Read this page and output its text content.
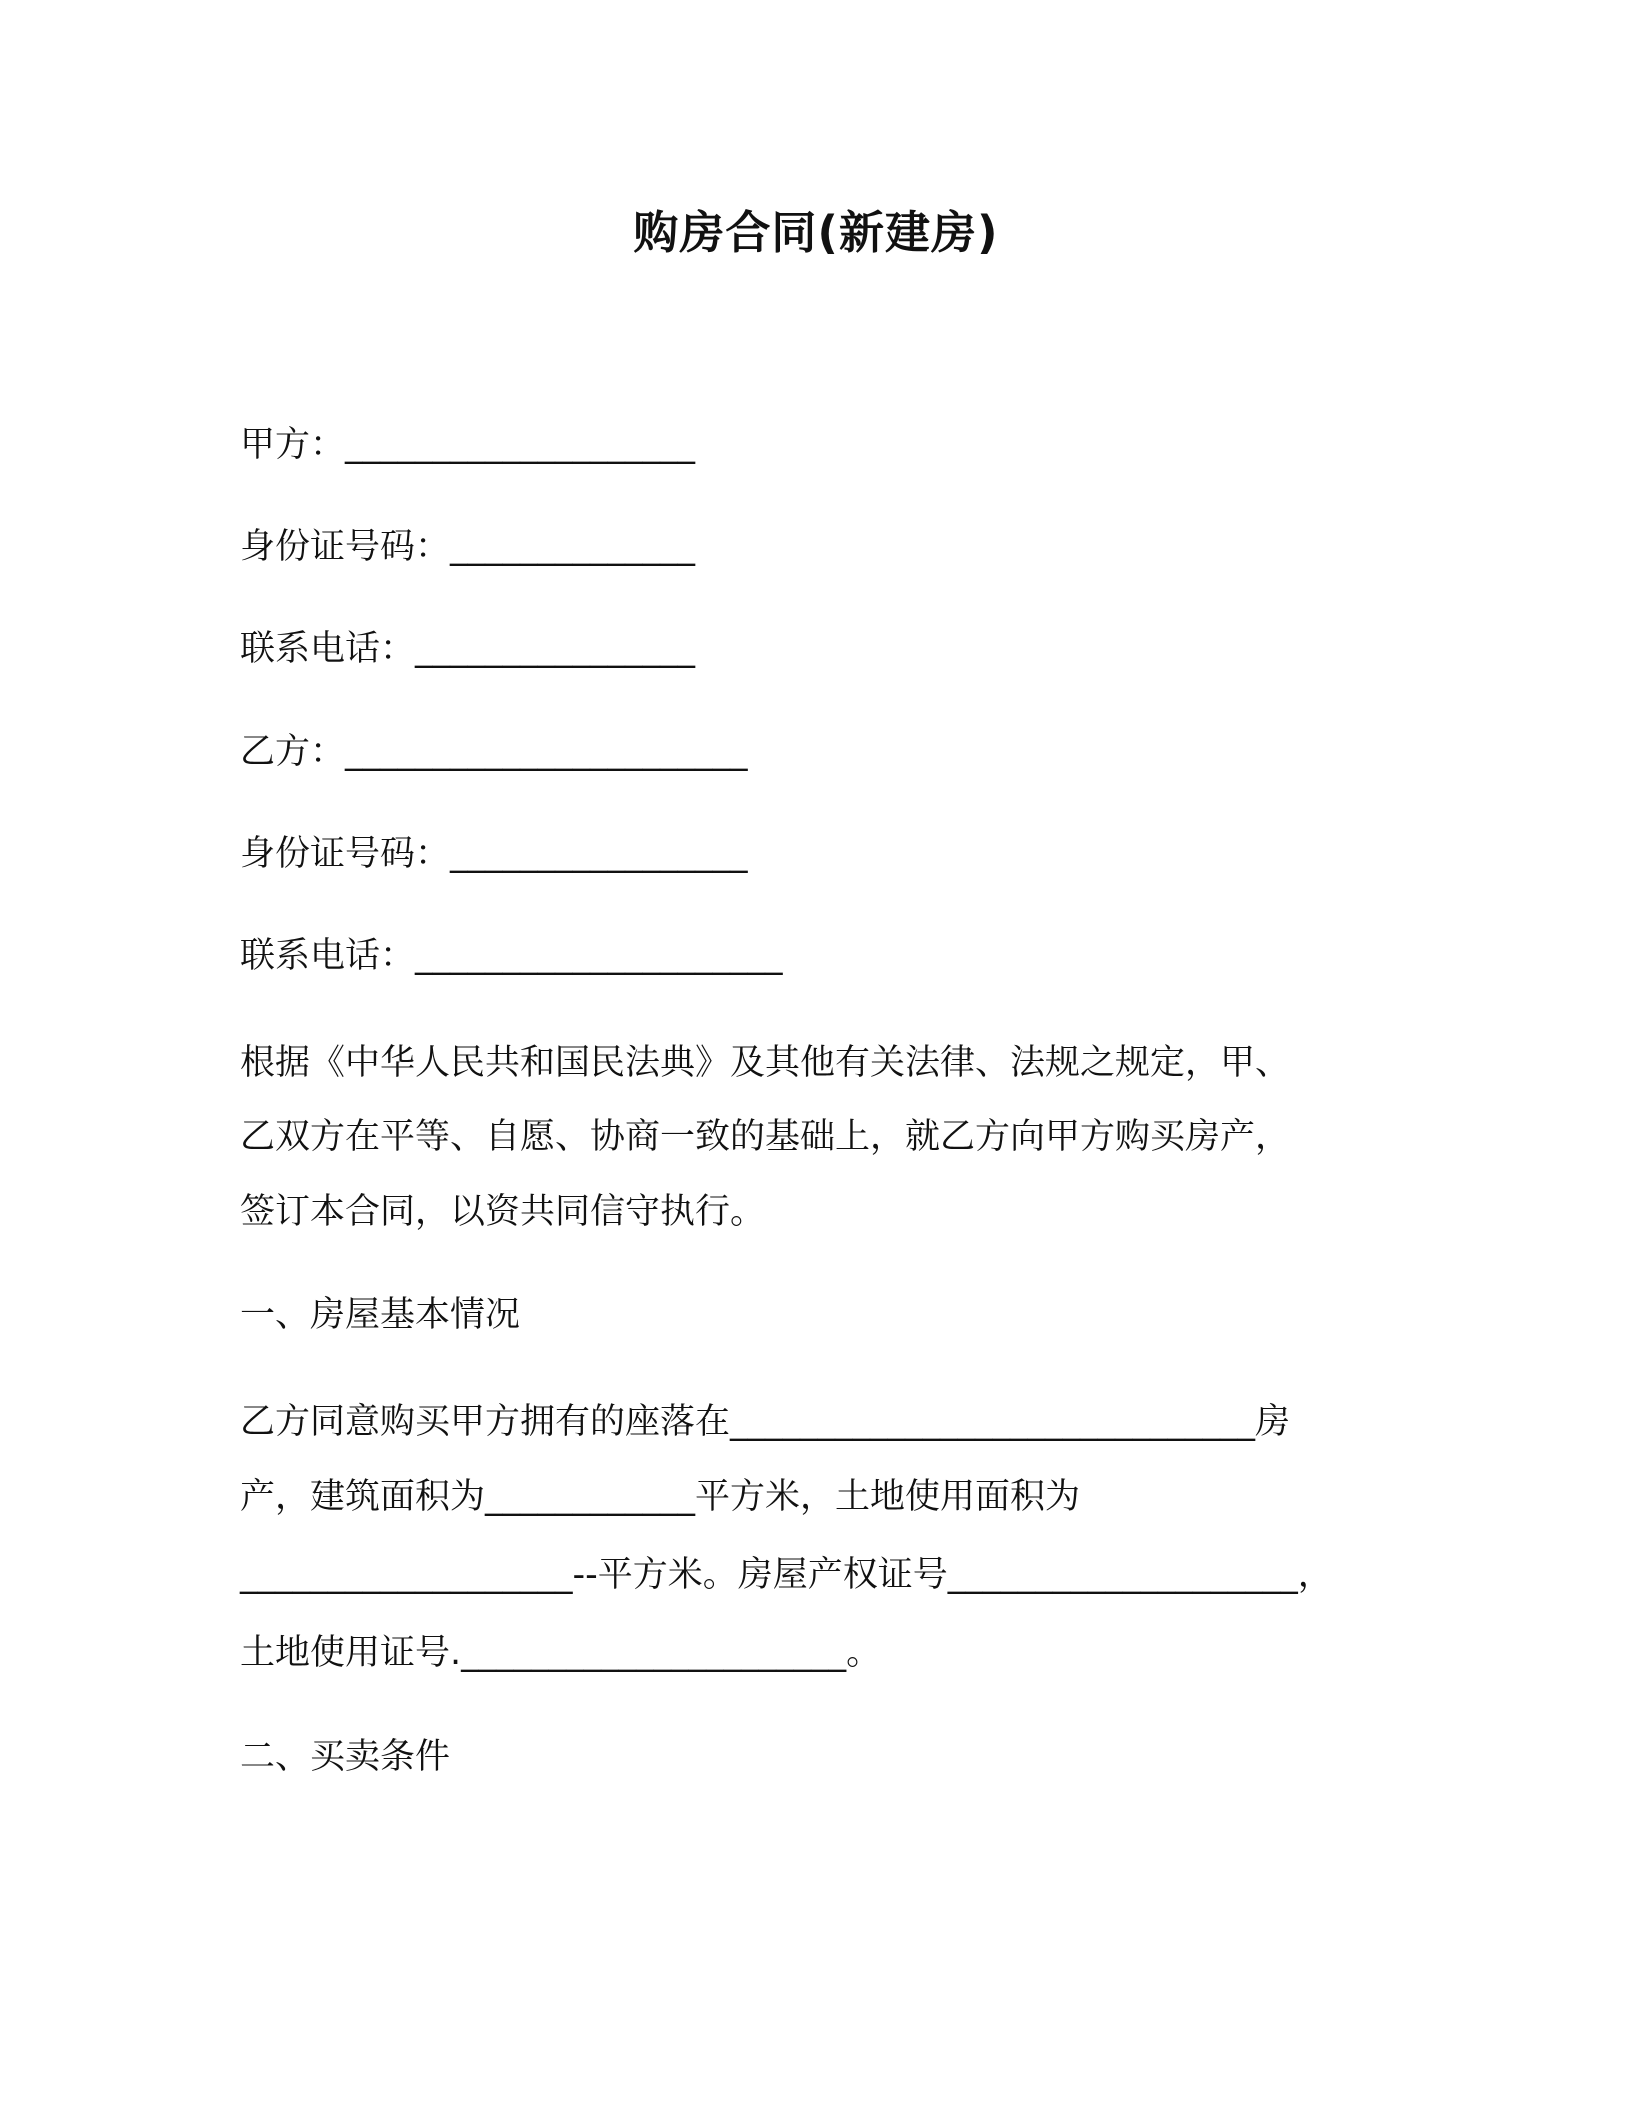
购房合同(新建房)
甲方：____________________
身份证号码：______________
联系电话：________________
乙方：_______________________
身份证号码：_________________
联系电话：_____________________
根据《中华人民共和国民法典》及其他有关法律、法规之规定，甲、
乙双方在平等、自愿、协商一致的基础上，就乙方向甲方购买房产，
签订本合同，以资共同信守执行。
一、房屋基本情况
乙方同意购买甲方拥有的座落在______________________________房
产，建筑面积为____________平方米，土地使用面积为
___________________--平方米。房屋产权证号____________________，
土地使用证号.______________________。
二、买卖条件
